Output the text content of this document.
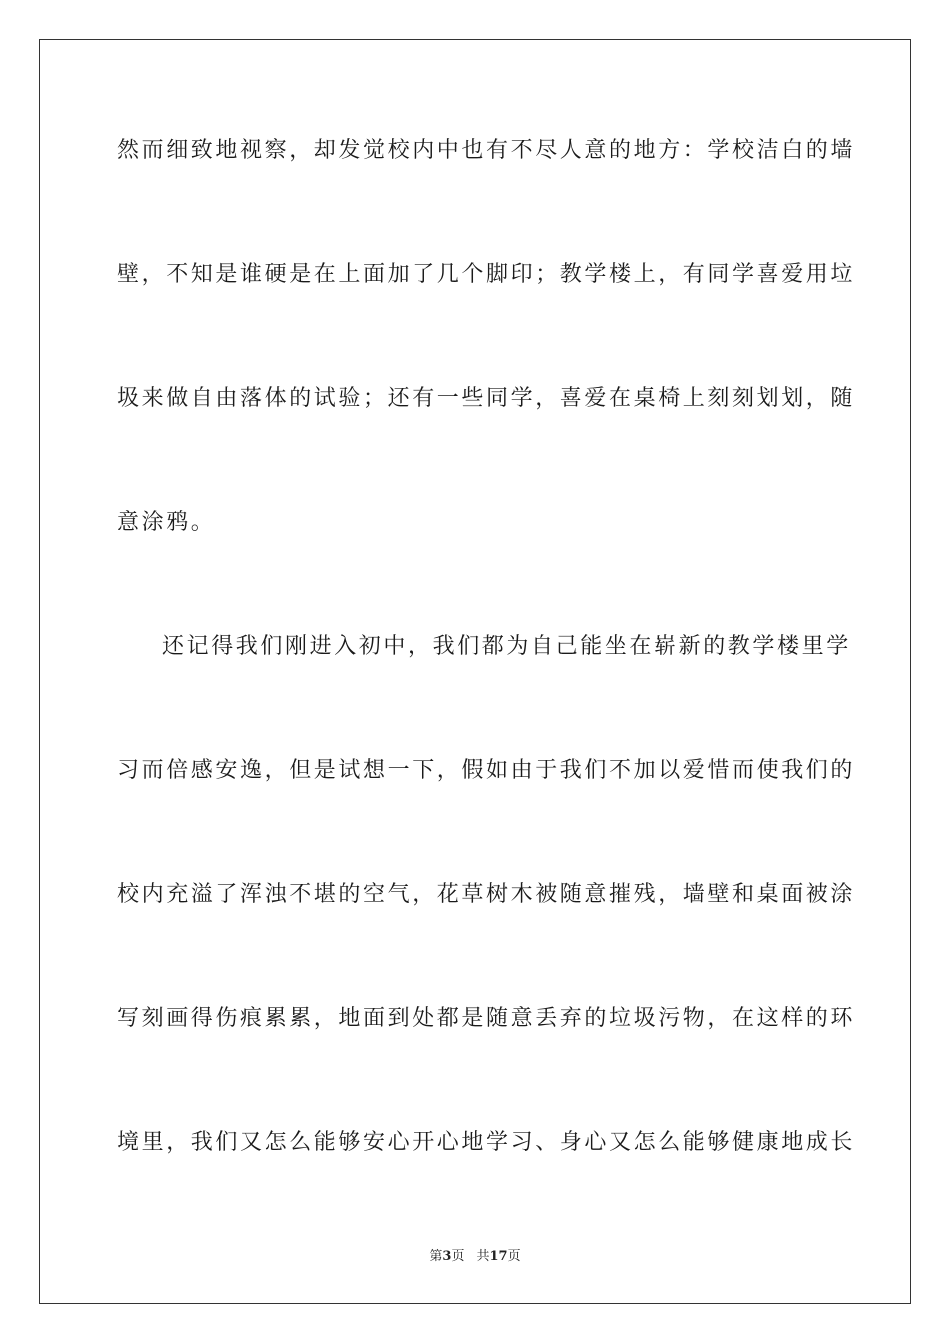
然而细致地视察，却发觉校内中也有不尽人意的地方：学校洁白的墙
壁，不知是谁硬是在上面加了几个脚印；教学楼上，有同学喜爱用垃
圾来做自由落体的试验；还有一些同学，喜爱在桌椅上刻刻划划，随
意涂鸦。
还记得我们刚进入初中，我们都为自己能坐在崭新的教学楼里学
习而倍感安逸，但是试想一下，假如由于我们不加以爱惜而使我们的
校内充溢了浑浊不堪的空气，花草树木被随意摧残，墙壁和桌面被涂
写刻画得伤痕累累，地面到处都是随意丢弃的垃圾污物，在这样的环
境里，我们又怎么能够安心开心地学习、身心又怎么能够健康地成长
第3页 共17页
